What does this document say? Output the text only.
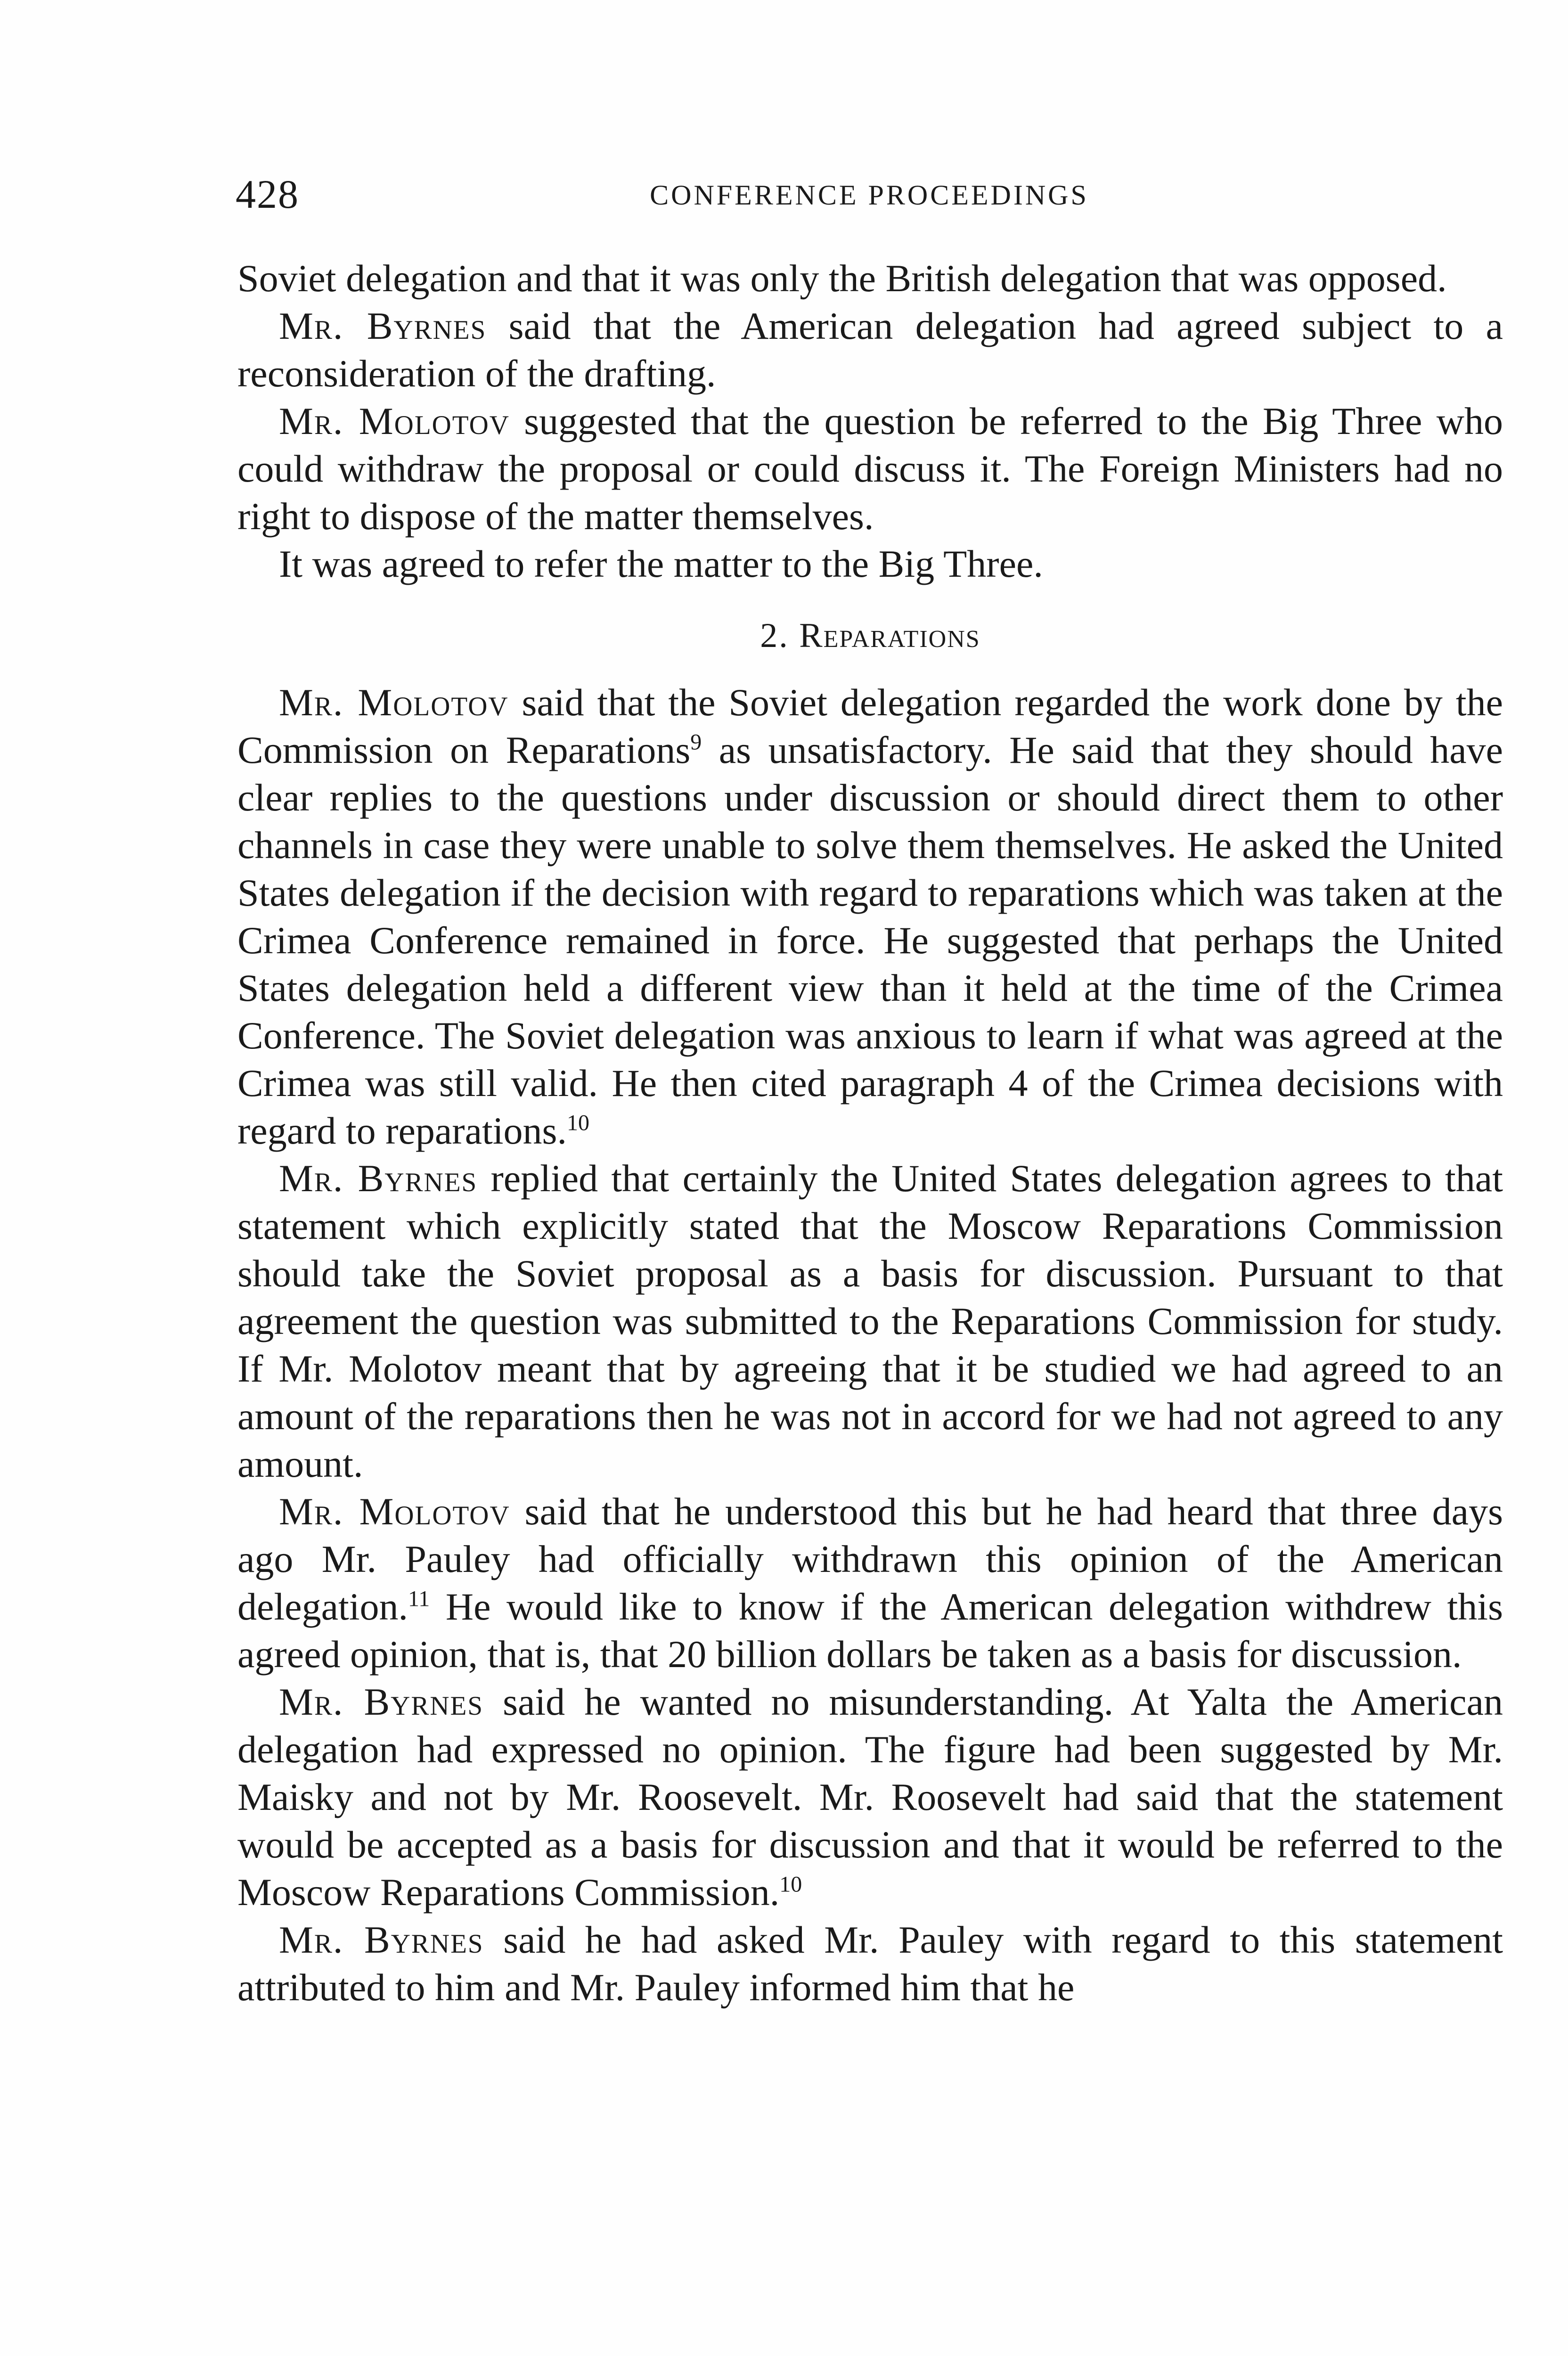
428	CONFERENCE PROCEEDINGS

Soviet delegation and that it was only the British delegation that was opposed.

Mr. Byrnes said that the American delegation had agreed subject to a reconsideration of the drafting.

Mr. Molotov suggested that the question be referred to the Big Three who could withdraw the proposal or could discuss it. The Foreign Ministers had no right to dispose of the matter themselves.

It was agreed to refer the matter to the Big Three.

2. Reparations

Mr. Molotov said that the Soviet delegation regarded the work done by the Commission on Reparations$^9$ as unsatisfactory. He said that they should have clear replies to the questions under discussion or should direct them to other channels in case they were unable to solve them themselves. He asked the United States delegation if the decision with regard to reparations which was taken at the Crimea Conference remained in force. He suggested that perhaps the United States delegation held a different view than it held at the time of the Crimea Conference. The Soviet delegation was anxious to learn if what was agreed at the Crimea was still valid. He then cited paragraph 4 of the Crimea decisions with regard to reparations.$^{10}$

Mr. Byrnes replied that certainly the United States delegation agrees to that statement which explicitly stated that the Moscow Reparations Commission should take the Soviet proposal as a basis for discussion. Pursuant to that agreement the question was submitted to the Reparations Commission for study. If Mr. Molotov meant that by agreeing that it be studied we had agreed to an amount of the reparations then he was not in accord for we had not agreed to any amount.

Mr. Molotov said that he understood this but he had heard that three days ago Mr. Pauley had officially withdrawn this opinion of the American delegation.$^{11}$ He would like to know if the American delegation withdrew this agreed opinion, that is, that 20 billion dollars be taken as a basis for discussion.

Mr. Byrnes said he wanted no misunderstanding. At Yalta the American delegation had expressed no opinion. The figure had been suggested by Mr. Maisky and not by Mr. Roosevelt. Mr. Roosevelt had said that the statement would be accepted as a basis for discussion and that it would be referred to the Moscow Reparations Commission.$^{10}$

Mr. Byrnes said he had asked Mr. Pauley with regard to this statement attributed to him and Mr. Pauley informed him that he
